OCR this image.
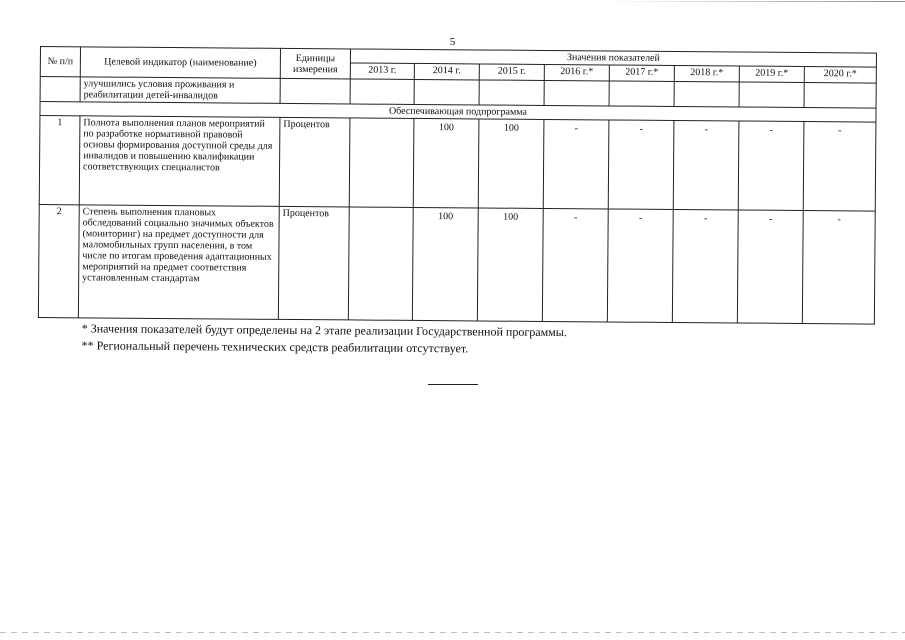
5
№ п/п	Целевой индикатор (наименование)	Единицы измерения	Значения показателей							
			2013 г.	2014 г.	2015 г.	2016 г.*	2017 г.*	2018 г.*	2019 г.*	2020 г.*
	улучшились условия проживания и реабилитации детей-инвалидов									
Обеспечивающая подпрограмма										
1	Полнота выполнения планов мероприятий по разработке нормативной правовой основы формирования доступной среды для инвалидов и повышению квалификации соответствующих специалистов	Процентов		100	100	-	-	-	-	-
2	Степень выполнения плановых обследований социально значимых объектов (мониторинг) на предмет доступности для маломобильных групп населения, в том числе по итогам проведения адаптационных мероприятий на предмет соответствия установленным стандартам	Процентов		100	100	-	-	-	-	-
* Значения показателей будут определены на 2 этапе реализации Государственной программы.
** Региональный перечень технических средств реабилитации отсутствует.
